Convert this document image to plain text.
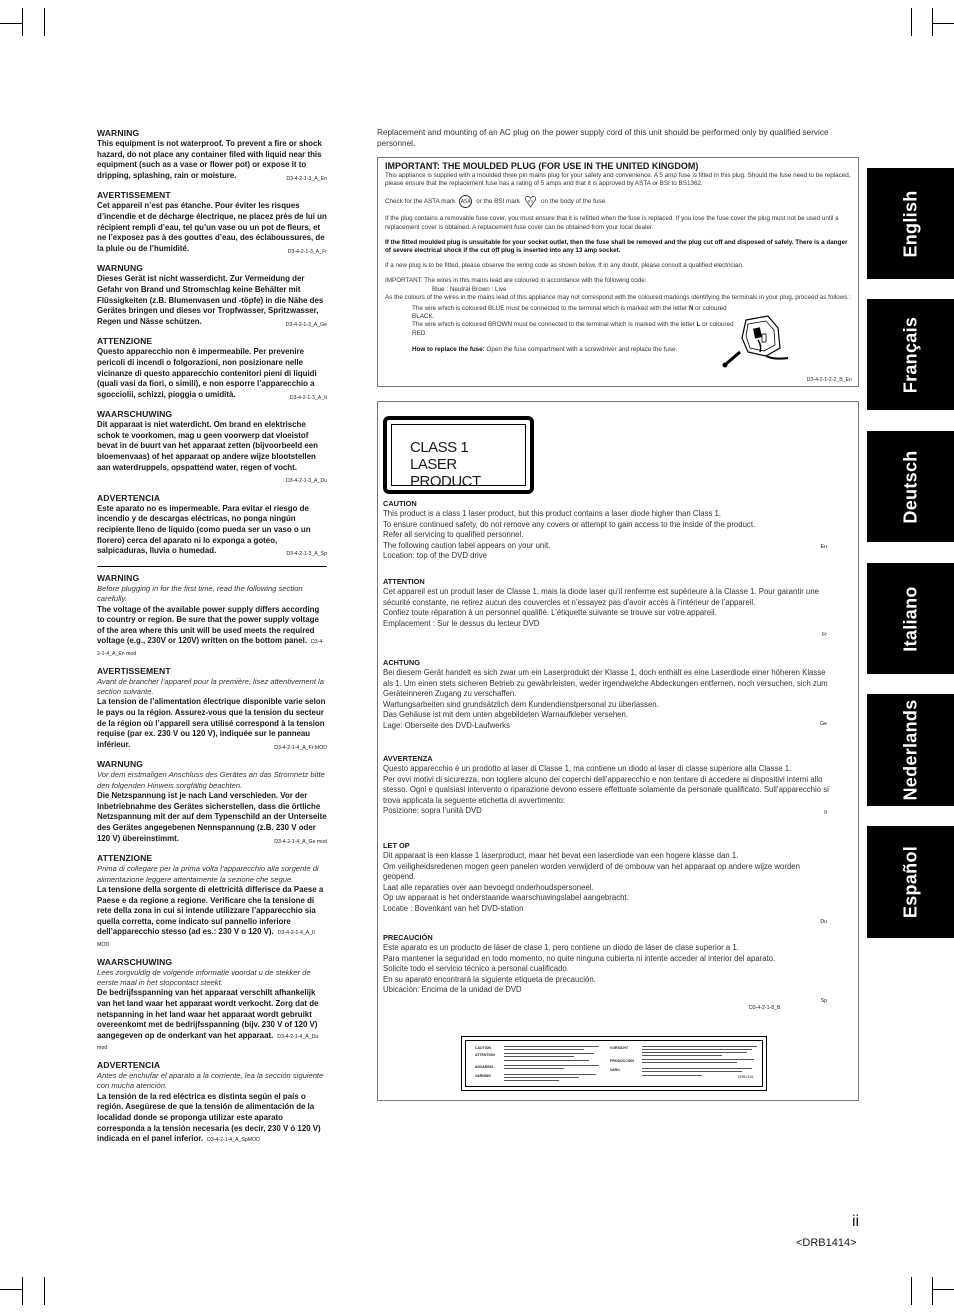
WARNING
This equipment is not waterproof. To prevent a fire or shock hazard, do not place any container filed with liquid near this equipment (such as a vase or flower pot) or expose it to dripping, splashing, rain or moisture.	D3-4-2-1-3_A_En
AVERTISSEMENT
Cet appareil n’est pas étanche. Pour éviter les risques d’incendie et de décharge électrique, ne placez près de lui un récipient rempli d’eau, tel qu’un vase ou un pot de fleurs, et ne l’exposez pas à des gouttes d’eau, des éclaboussures, de la pluie ou de l’humidité.	D3-4-2-1-3_A_Fr
WARNUNG
Dieses Gerät ist nicht wasserdicht. Zur Vermeidung der Gefahr von Brand und Stromschlag keine Behälter mit Flüssigkeiten (z.B. Blumenvasen und -töpfe) in die Nähe des Gerätes bringen und dieses vor Tropfwasser, Spritzwasser, Regen und Nässe schützen.	D3-4-2-1-3_A_Ge
ATTENZIONE
Questo apparecchio non è impermeabile. Per prevenire pericoli di incendi o folgorazioni, non posizionare nelle vicinanze di questo apparecchio contenitori pieni di liquidi (quali vasi da fiori, o simili), e non esporre l’apparecchio a sgocciolii, schizzi, pioggia o umidità.	D3-4-2-1-3_A_It
WAARSCHUWING
Dit apparaat is niet waterdicht. Om brand en elektrische schok te voorkomen, mag u geen voorwerp dat vloeistof bevat in de buurt van het apparaat zetten (bijvoorbeeld een bloemenvaas) of het apparaat op andere wijze blootstellen aan waterdruppels, opspattend water, regen of vocht.
D3-4-2-1-3_A_Du
ADVERTENCIA
Este aparato no es impermeable. Para evitar el riesgo de incendio y de descargas eléctricas, no ponga ningún recipiente lleno de líquido (como pueda ser un vaso o un florero) cerca del aparato ni lo exponga a goteo, salpicaduras, lluvia o humedad.	D3-4-2-1-3_A_Sp
WARNING
Before plugging in for the first time, read the following section carefully.
The voltage of the available power supply differs according to country or region. Be sure that the power supply voltage of the area where this unit will be used meets the required voltage (e.g., 230V or 120V) written on the bottom panel. D3-4-2-1-4_A_En mod
AVERTISSEMENT
Avant de brancher l’appareil pour la première, lisez attentivement la section suivante.
La tension de l’alimentation électrique disponible varie selon le pays ou la région. Assurez-vous que la tension du secteur de la région où l’appareil sera utilisé correspond à la tension requise (par ex. 230 V ou 120 V), indiquée sur le panneau inférieur.	D3-4-2-1-4_A_Fr MOD
WARNUNG
Vor dem erstmaligen Anschluss des Gerätes an das Stromnetz bitte den folgenden Hinweis sorgfältig beachten.
Die Netzspannung ist je nach Land verschieden. Vor der Inbetriebnahme des Gerätes sicherstellen, dass die örtliche Netzspannung mit der auf dem Typenschild an der Unterseite des Gerätes angegebenen Nennspannung (z.B. 230 V oder 120 V) übereinstimmt.	D3-4-2-1-4_A_Ge mod
ATTENZIONE
Prima di collegare per la prima volta l’apparecchio alla sorgente di alimentazione leggere attentamente la sezione che segue.
La tensione della sorgente di elettricità differisce da Paese a Paese e da regione a regione. Verificare che la tensione di rete della zona in cui si intende utilizzare l’apparecchio sia quella corretta, come indicato sul pannello inferiore dell’apparecchio stesso (ad es.: 230 V o 120 V). D3-4-2-1-4_A_It MOD
WAARSCHUWING
Lees zorgvuldig de volgende informatie voordat u de stekker de eerste maal in het stopcontact steekt.
De bedrijfsspanning van het apparaat verschilt afhankelijk van het land waar het apparaat wordt verkocht. Zorg dat de netspanning in het land waar het apparaat wordt gebruikt overeenkomt met de bedrijfsspanning (bijv. 230 V of 120 V) aangegeven op de onderkant van het apparaat. D3-4-2-1-4_A_Du mod
ADVERTENCIA
Antes de enchufar el aparato a la corriente, lea la sección siguiente con mucha atención.
La tensión de la red eléctrica es distinta según el país o región. Asegúrese de que la tensión de alimentación de la localidad donde se proponga utilizar este aparato corresponda a la tensión necesaria (es decir, 230 V ó 120 V) indicada en el panel inferior. D3-4-2-1-4_A_SpMOD
Replacement and mounting of an AC plug on the power supply cord of this unit should be performed only by qualified service personnel.
IMPORTANT: THE MOULDED PLUG (FOR USE IN THE UNITED KINGDOM)

This appliance is supplied with a moulded three pin mains plug for your safety and convenience. A 5 amp fuse is fitted in this plug. Should the fuse need to be replaced, please ensure that the replacement fuse has a rating of 5 amps and that it is approved by ASTA or BSI to BS1362.

Check for the ASTA mark ASA or the BSI mark BS on the body of the fuse.

If the plug contains a removable fuse cover, you must ensure that it is refitted when the fuse is replaced. If you lose the fuse cover the plug must not be used until a replacement cover is obtained. A replacement fuse cover can be obtained from your local dealer.

If the fitted moulded plug is unsuitable for your socket outlet, then the fuse shall be removed and the plug cut off and disposed of safely. There is a danger of severe electrical shock if the cut off plug is inserted into any 13 amp socket.

If a new plug is to be fitted, please observe the wiring code as shown below. If in any doubt, please consult a qualified electrician.

IMPORTANT: The wires in this mains lead are coloured in accordance with the following code:

Blue : Neutral Brown : Live

As the colours of the wires in the mains lead of this appliance may not correspond with the coloured markings identifying the terminals in your plug, proceed as follows :

The wire which is coloured BLUE must be connected to the terminal which is marked with the letter N or coloured BLACK.

The wire which is coloured BROWN must be connected to the terminal which is marked with the letter L or coloured RED.

How to replace the fuse: Open the fuse compartment with a screwdriver and replace the fuse.

D3-4-2-1-2-2_B_En
CLASS 1
LASER PRODUCT
CAUTION

This product is a class 1 laser product, but this product contains a laser diode higher than Class 1.

To ensure continued safety, do not remove any covers or attempt to gain access to the inside of the product.

Refer all servicing to qualified personnel.

The following caution label appears on your unit.

Location: top of the DVD drive

En
ATTENTION

Cet appareil est un produit laser de Classe 1, mais la diode laser qu’il renferme est supérieure à la Classe 1. Pour garantir une sécurité constante, ne retirez aucun des couvercles et n’essayez pas d’avoir accès à l’intérieur de l’appareil.

Confiez toute réparation à un personnel qualifié. L’étiquette suivante se trouve sur votre appareil.

Emplacement : Sur le dessus du lecteur DVD

Fr
ACHTUNG

Bei diesem Gerät handelt es sich zwar um ein Laserprodukt der Klasse 1, doch enthält es eine Laserdiode einer höheren Klasse als 1. Um einen stets sicheren Betrieb zu gewährleisten, weder irgendwelche Abdeckungen entfernen, noch versuchen, sich zum Geräteinneren Zugang zu verschaffen.

Wartungsarbeiten sind grundsätzlich dem Kundendienstpersonal zu überlassen.

Das Gehäuse ist mit dem unten abgebildeten Warnaufkleber versehen.

Lage: Oberseite des DVD-Laufwerks	Ge
AVVERTENZA

Questo apparecchio è un prodotto al laser di Classe 1, ma contiene un diodo al laser di classe superiore alla Classe 1.

Per ovvi motivi di sicurezza, non togliere alcuno dei coperchi dell’apparecchio e non tentare di accedere ai dispositivi interni allo stesso. Ogni e qualsiasi intervento o riparazione devono essere effettuate solamente da personale qualificato. Sull’apparecchio si trova applicata la seguente etichetta di avvertimento:

Posizione: sopra l’unità DVD	It
LET OP

Dit apparaat is een klasse 1 laserproduct, maar het bevat een laserdiode van een hogere klasse dan 1.

Om veiligheidsredenen mogen geen panelen worden verwijderd of de ombouw van het apparaat op andere wijze worden geopend.

Laat alle reparaties over aan bevoegd onderhoudspersoneel.

Op uw apparaat is het onderstaande waarschuwingslabel aangebracht.

Locatie : Bovenkant van het DVD-station

Du
PRECAUCIÓN

Este aparato es un producto de láser de clase 1, pero contiene un diodo de láser de clase superior a 1.

Para mantener la seguridad en todo momento, no quite ninguna cubierta ni intente acceder al interior del aparato.

Solicite todo el servicio técnico a personal cualificado.

En su aparato encontrará la siguiente etiqueta de precaución.

Ubicación: Encima de la unidad de DVD

Sp
D3-4-2-1-8_B
CAUTION
ATTENTION
ADVARSEL
VARNING
VORSICHT
PRODUCCIÓN
VARO
DRB1316-
English
Français
Deutsch
Italiano
Nederlands
Español
ii
<DRB1414>
